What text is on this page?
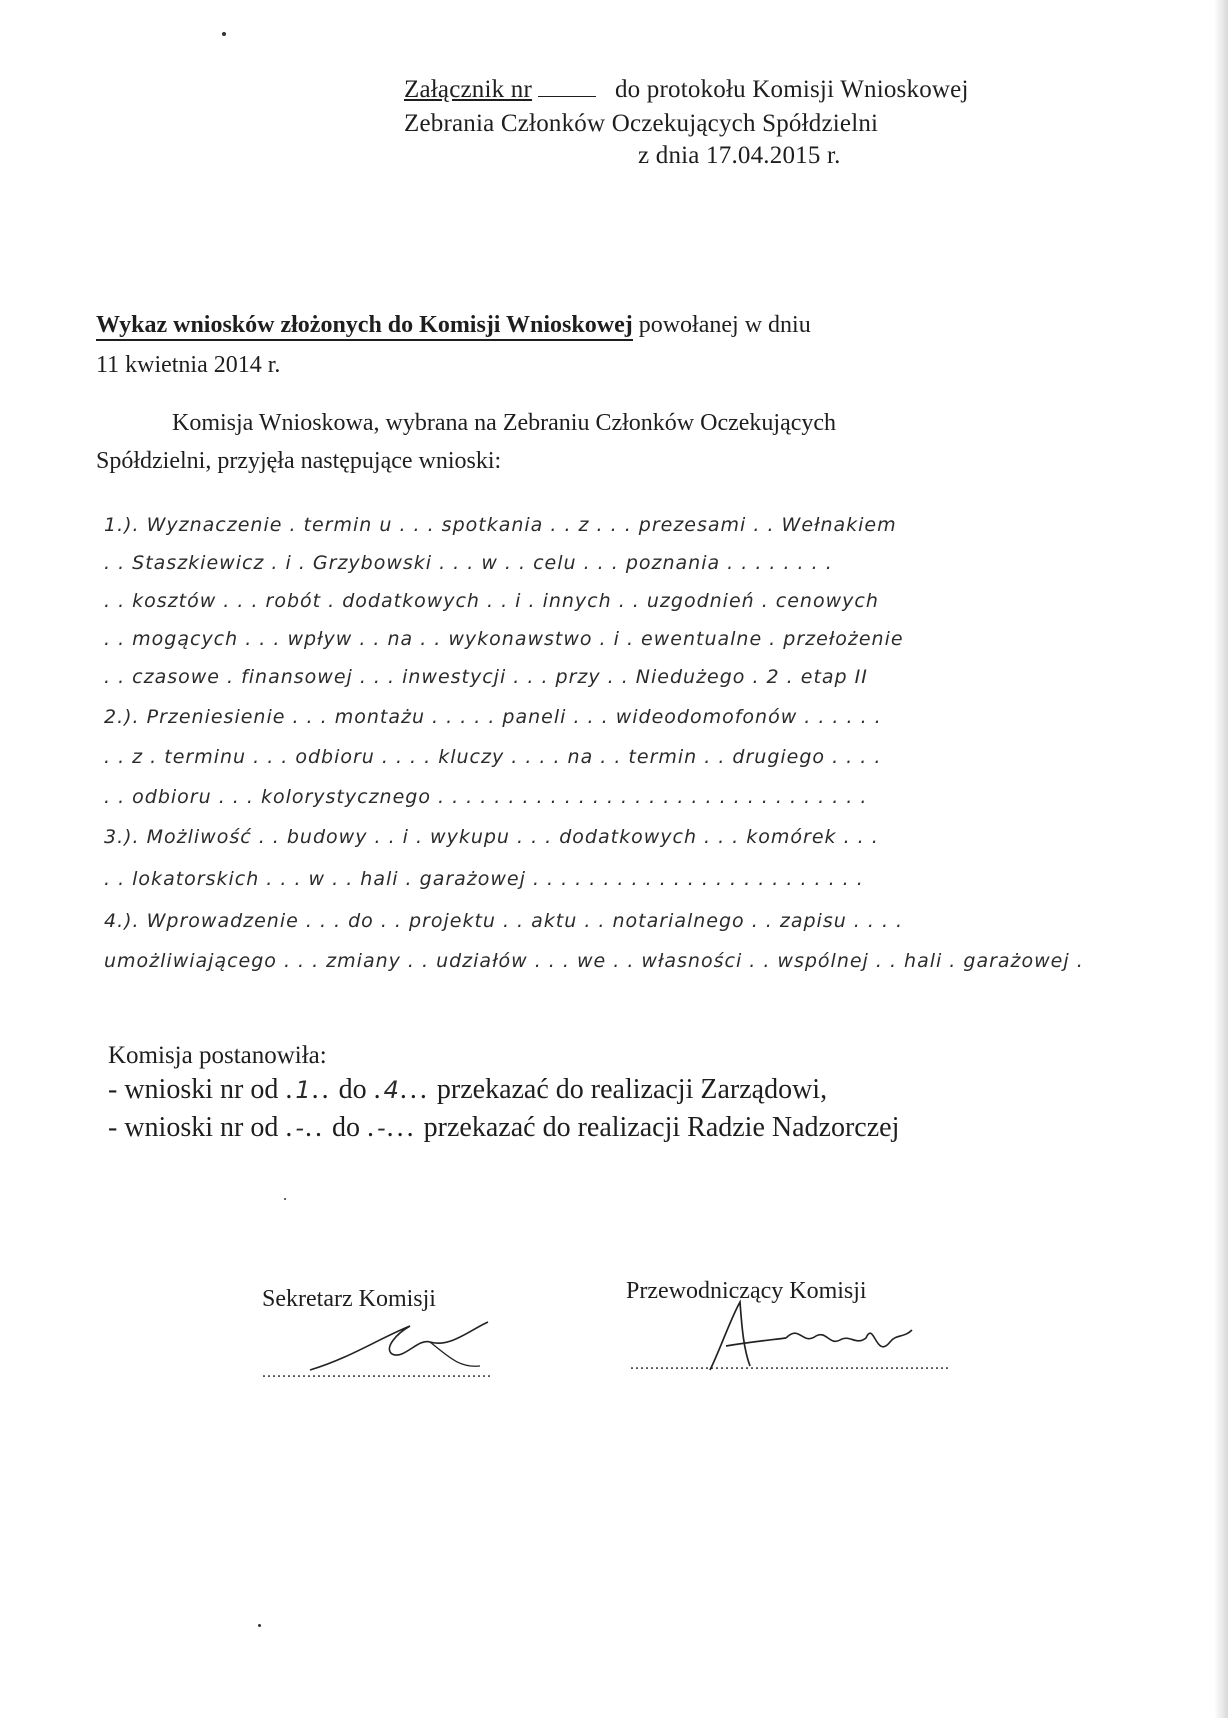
Załącznik nr	do protokołu Komisji Wnioskowej
Zebrania Członków Oczekujących Spółdzielni
z dnia 17.04.2015 r.
Wykaz wniosków złożonych do Komisji Wnioskowej powołanej w dniu
11 kwietnia 2014 r.
Komisja Wnioskowa, wybrana na Zebraniu Członków Oczekujących
Spółdzielni, przyjęła następujące wnioski:
1.). Wyznaczenie . termin u . . . spotkania . . z . . . prezesami . . Wełnakiem
. . Staszkiewicz . i . Grzybowski . . . w . . celu . . . poznania . . . . . . . .
. . kosztów . . . robót . dodatkowych . . i . innych . . uzgodnień . cenowych
. . mogących . . . wpływ . . na . . wykonawstwo . i . ewentualne . przełożenie
. . czasowe . finansowej . . . inwestycji . . . przy . . Niedużego . 2 . etap II
2.). Przeniesienie . . . montażu . . . . . paneli . . . wideodomofonów . . . . . .
. . z . terminu . . . odbioru . . . . kluczy . . . . na . . termin . . drugiego . . . .
. . odbioru . . . kolorystycznego . . . . . . . . . . . . . . . . . . . . . . . . . . . . . . .
3.). Możliwość . . budowy . . i . wykupu . . . dodatkowych . . . komórek . . .
. . lokatorskich . . . w . . hali . garażowej . . . . . . . . . . . . . . . . . . . . . . . .
4.). Wprowadzenie . . . do . . projektu . . aktu . . notarialnego . . zapisu . . . .
umożliwiającego . . . zmiany . . udziałów . . . we . . własności . . wspólnej . . hali . garażowej .
Komisja postanowiła:
- wnioski nr od .1.. do .4... przekazać do realizacji Zarządowi,
- wnioski nr od .-.. do .-... przekazać do realizacji Radzie Nadzorczej
Sekretarz Komisji
..............................................
Przewodniczący Komisji
................................................................
